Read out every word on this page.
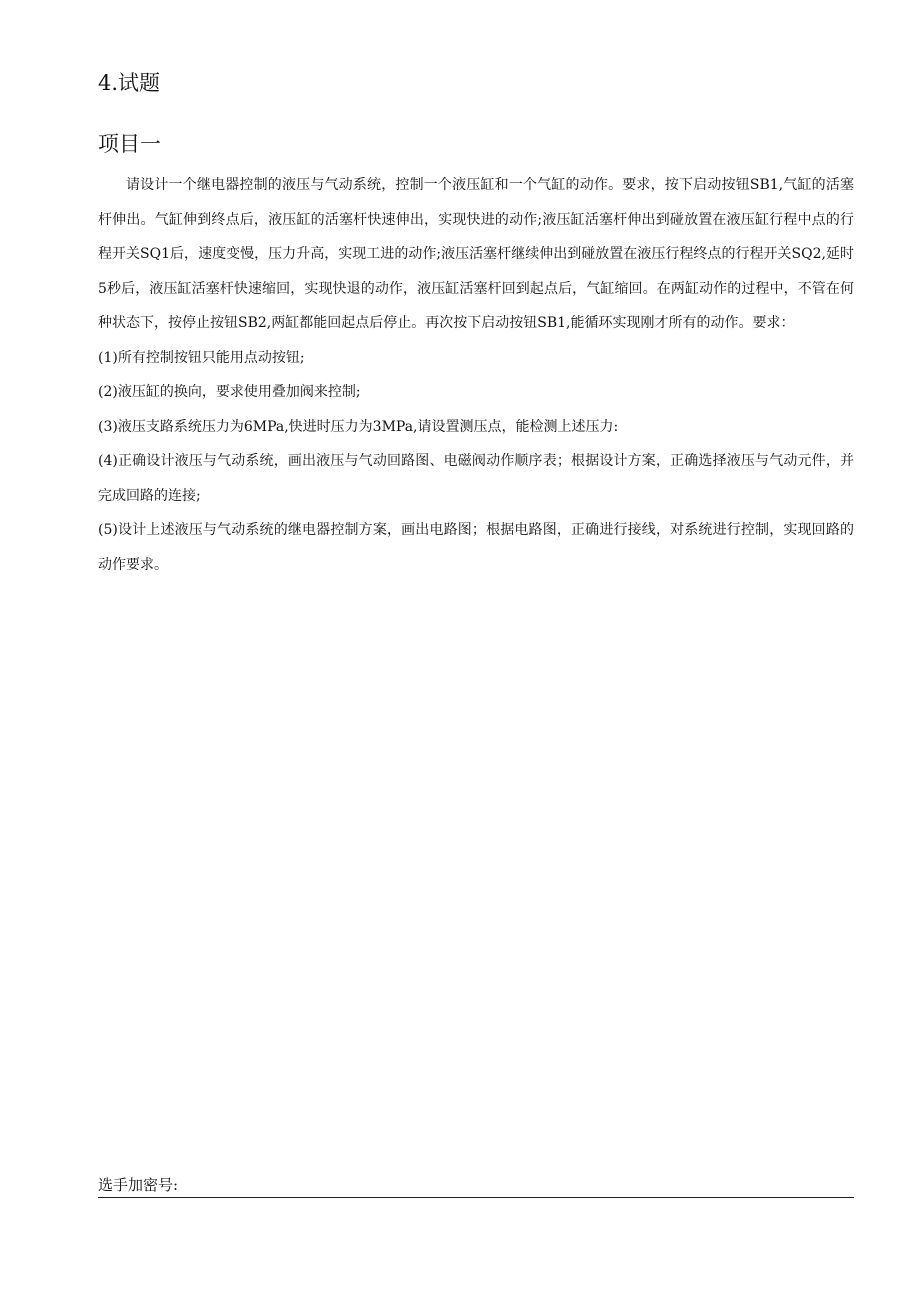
4.试题
项目一

请设计一个继电器控制的液压与气动系统，控制一个液压缸和一个气缸的动作。要求，按下启动按钮SB1,气缸的活塞杆伸出。气缸伸到终点后，液压缸的活塞杆快速伸出，实现快进的动作;液压缸活塞杆伸出到碰放置在液压缸行程中点的行程开关SQ1后，速度变慢，压力升高，实现工进的动作;液压活塞杆继续伸出到碰放置在液压行程终点的行程开关SQ2,延时5秒后，液压缸活塞杆快速缩回，实现快退的动作，液压缸活塞杆回到起点后，气缸缩回。在两缸动作的过程中，不管在何种状态下，按停止按钮SB2,两缸都能回起点后停止。再次按下启动按钮SB1,能循环实现刚才所有的动作。要求：

(1)所有控制按钮只能用点动按钮;

(2)液压缸的换向，要求使用叠加阀来控制;

(3)液压支路系统压力为6MPa,快进时压力为3MPa,请设置测压点，能检测上述压力:

(4)正确设计液压与气动系统，画出液压与气动回路图、电磁阀动作顺序表；根据设计方案，正确选择液压与气动元件，并完成回路的连接;

(5)设计上述液压与气动系统的继电器控制方案，画出电路图；根据电路图，正确进行接线，对系统进行控制，实现回路的动作要求。

选手加密号:
